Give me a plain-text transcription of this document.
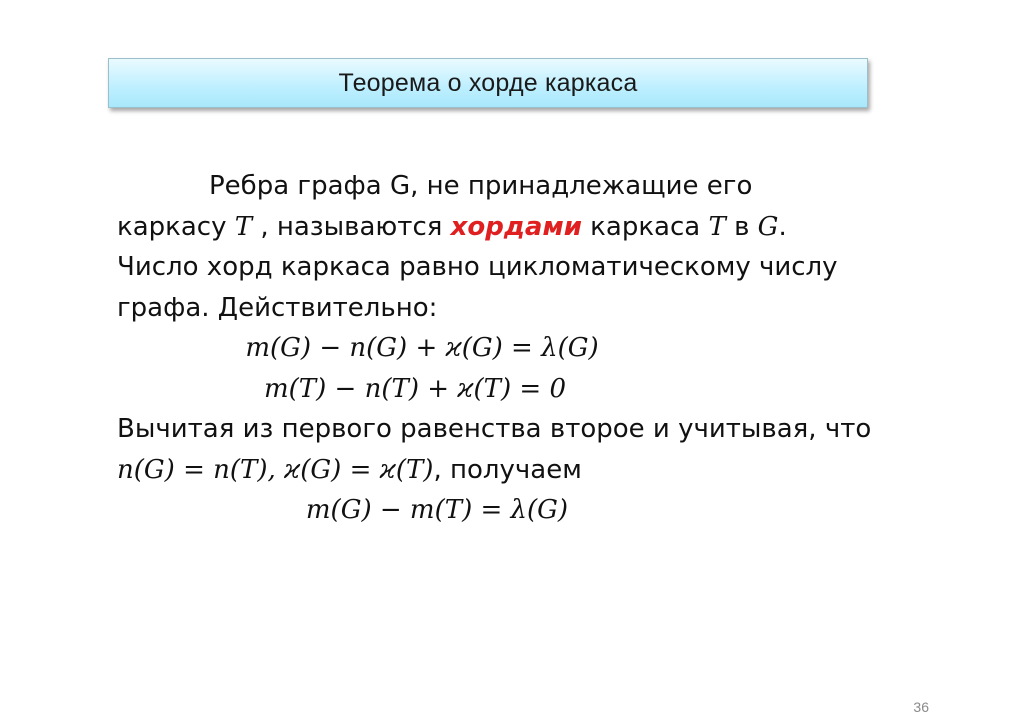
Теорема о хорде каркаса
Ребра графа G, не принадлежащие его
каркасу T , называются хордами каркаса T в G.
Число хорд каркаса равно цикломатическому числу
графа. Действительно:
m(G) − n(G) + ϰ(G) = λ(G)
m(T) − n(T) + ϰ(T) = 0
Вычитая из первого равенства второе и учитывая, что
n(G) = n(T), ϰ(G) = ϰ(T), получаем
m(G) − m(T) = λ(G)
36
